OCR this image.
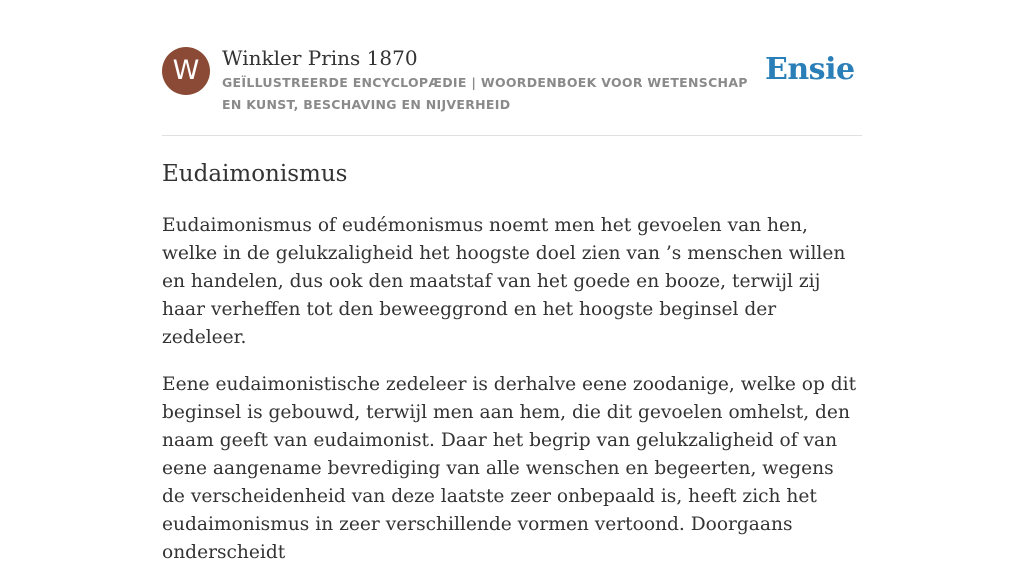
W	Winkler Prins 1870
GEÏLLUSTREERDE ENCYCLOPÆDIE | WOORDENBOEK VOOR WETENSCHAP EN KUNST, BESCHAVING EN NIJVERHEID
Ensie
Eudaimonismus

Eudaimonismus of eudémonismus noemt men het gevoelen van hen, welke in de gelukzaligheid het hoogste doel zien van ’s menschen willen en handelen, dus ook den maatstaf van het goede en booze, terwijl zij haar verheffen tot den beweeggrond en het hoogste beginsel der zedeleer.

Eene eudaimonistische zedeleer is derhalve eene zoodanige, welke op dit beginsel is gebouwd, terwijl men aan hem, die dit gevoelen omhelst, den naam geeft van eudaimonist. Daar het begrip van gelukzaligheid of van eene aangename bevrediging van alle wenschen en begeerten, wegens de verscheidenheid van deze laatste zeer onbepaald is, heeft zich het eudaimonismus in zeer verschillende vormen vertoond. Doorgaans onderscheidt
